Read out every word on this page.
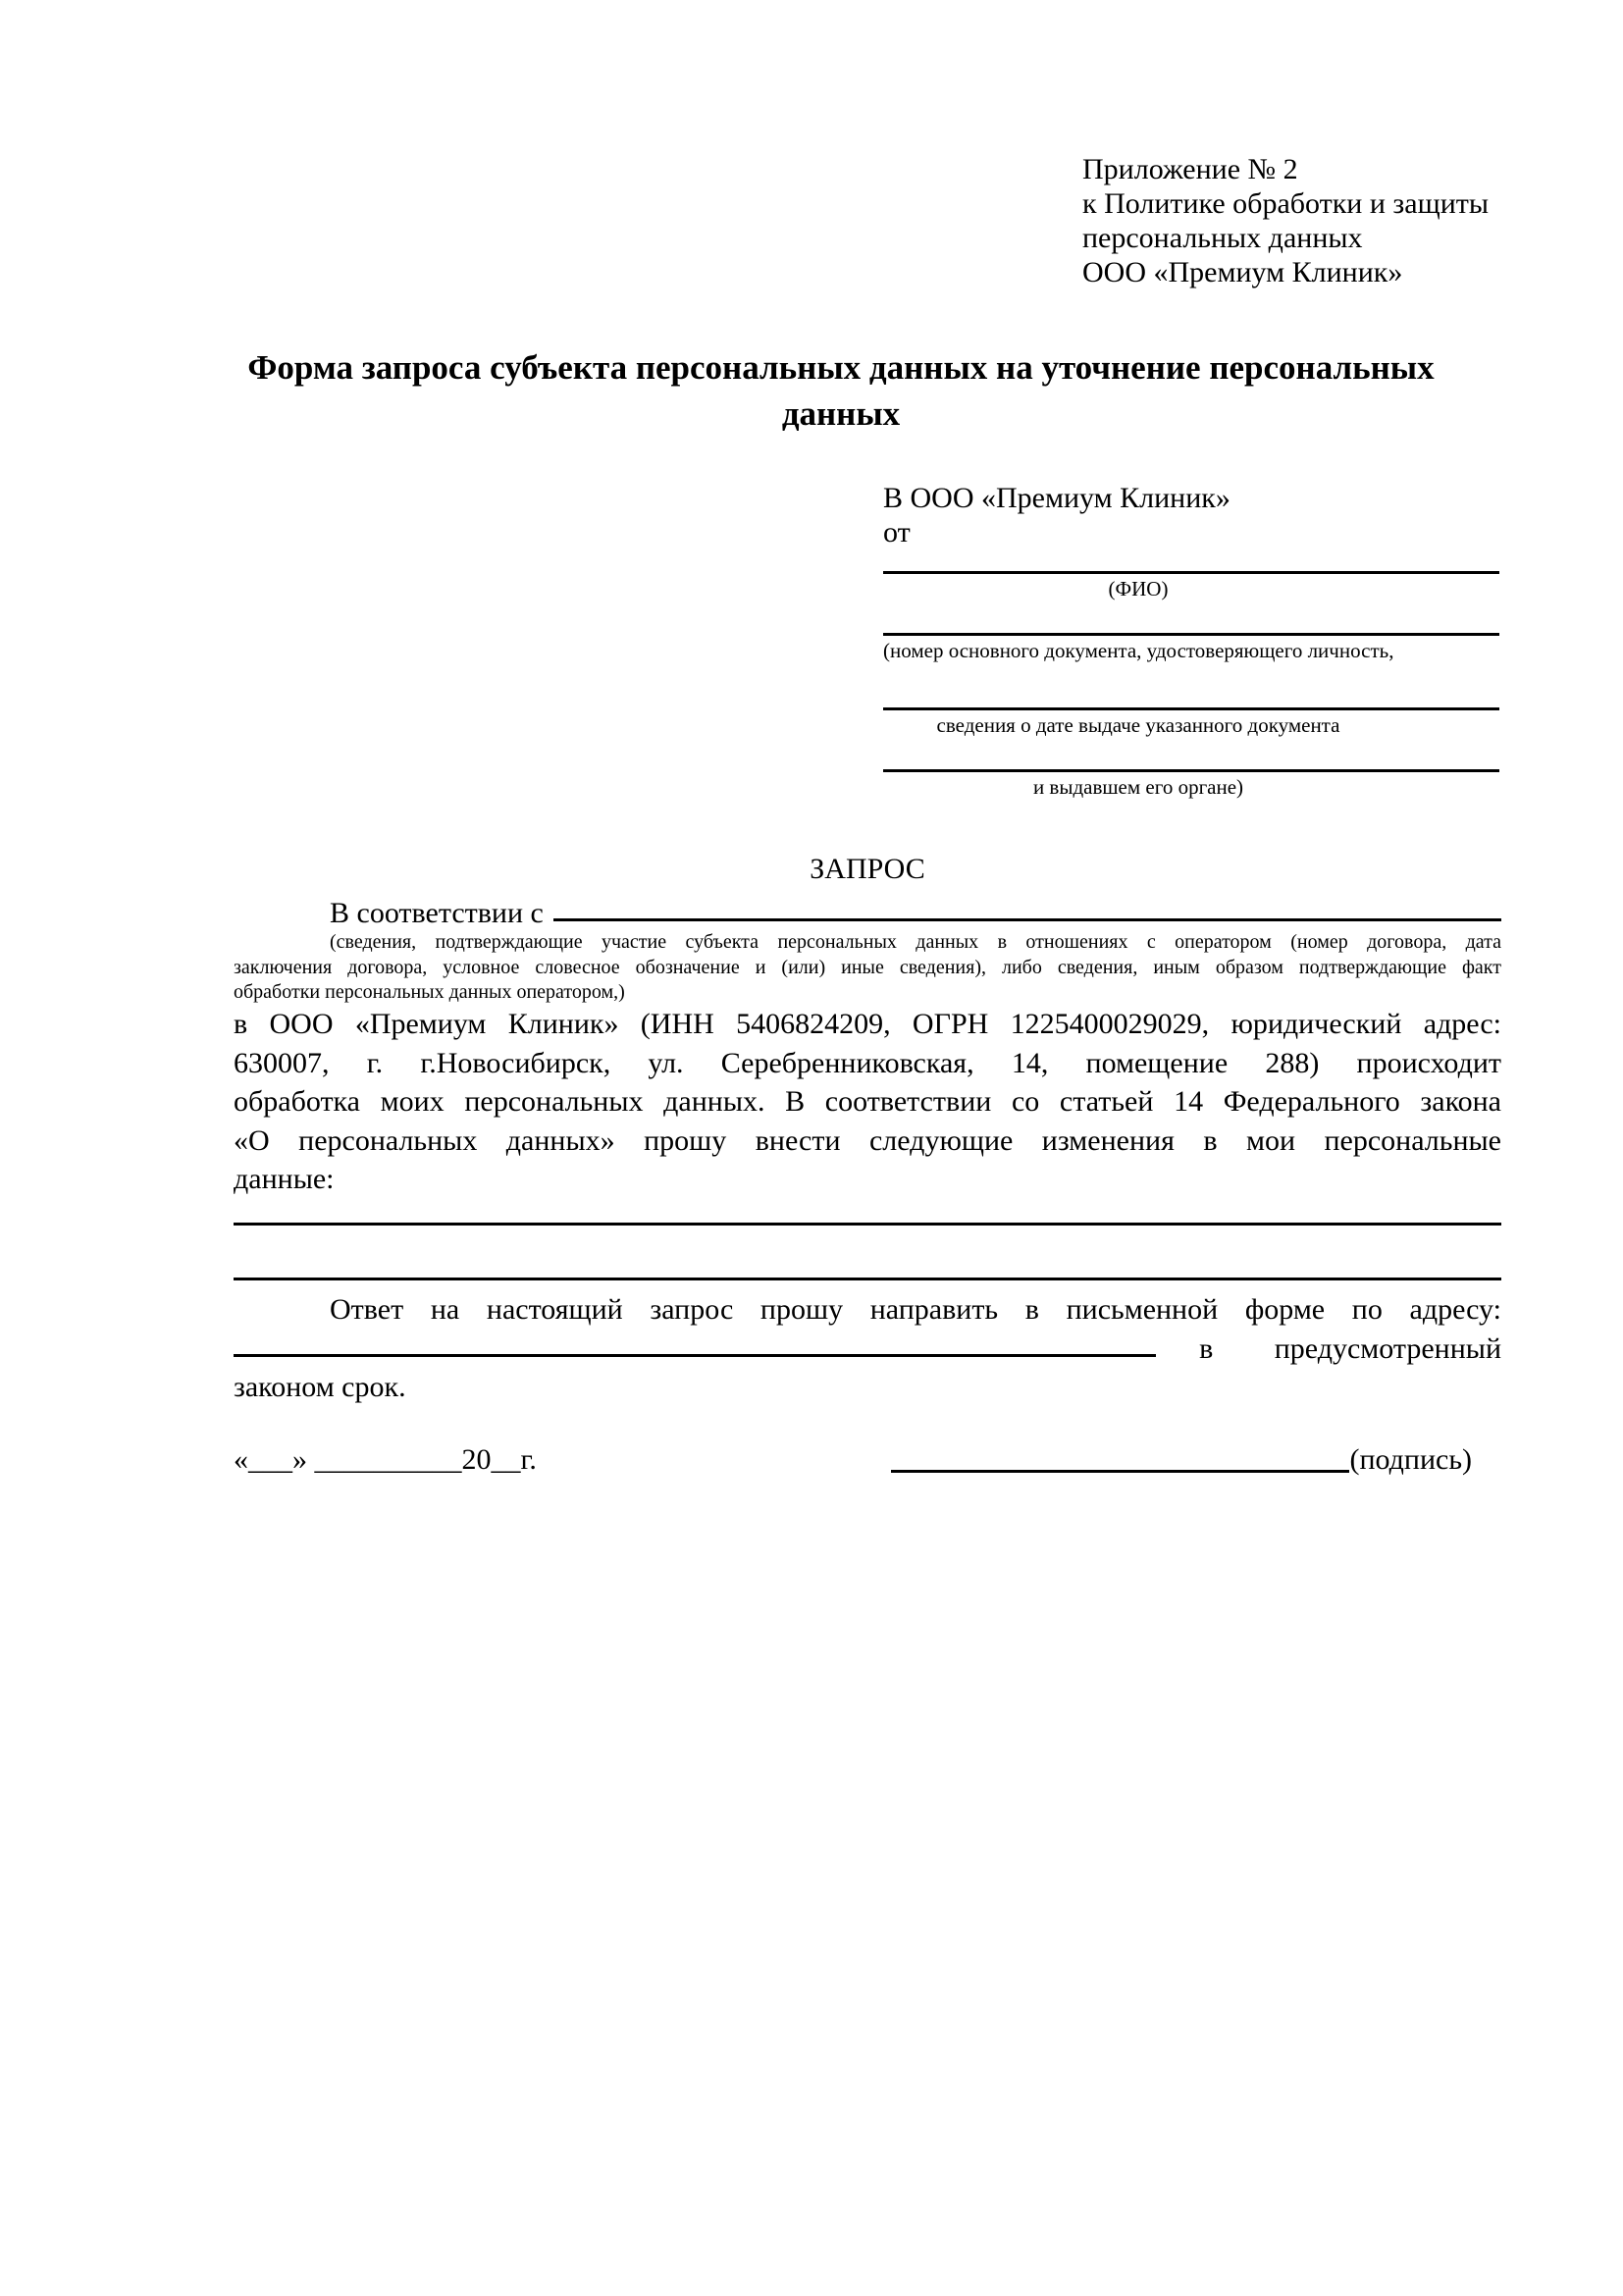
Приложение № 2
к Политике обработки и защиты
персональных данных
ООО «Премиум Клиник»
Форма запроса субъекта персональных данных на уточнение персональных данных
В ООО «Премиум Клиник»
от
(ФИО)
(номер основного документа, удостоверяющего личность,
сведения о дате выдаче указанного документа
и выдавшем его органе)
ЗАПРОС
В соответствии с
(сведения, подтверждающие участие субъекта персональных данных в отношениях с оператором (номер договора, дата
заключения договора, условное словесное обозначение и (или) иные сведения), либо сведения, иным образом подтверждающие факт
обработки персональных данных оператором,)
в ООО «Премиум Клиник» (ИНН 5406824209, ОГРН 1225400029029, юридический адрес:
630007, г. г.Новосибирск, ул. Серебренниковская, 14, помещение 288) происходит
обработка моих персональных данных. В соответствии со статьей 14 Федерального закона
«О персональных данных» прошу внести следующие изменения в мои персональные
данные:
Ответ на настоящий запрос прошу направить в письменной форме по адресу:
в предусмотренный
законом срок.
«___» __________20__г.	(подпись)
